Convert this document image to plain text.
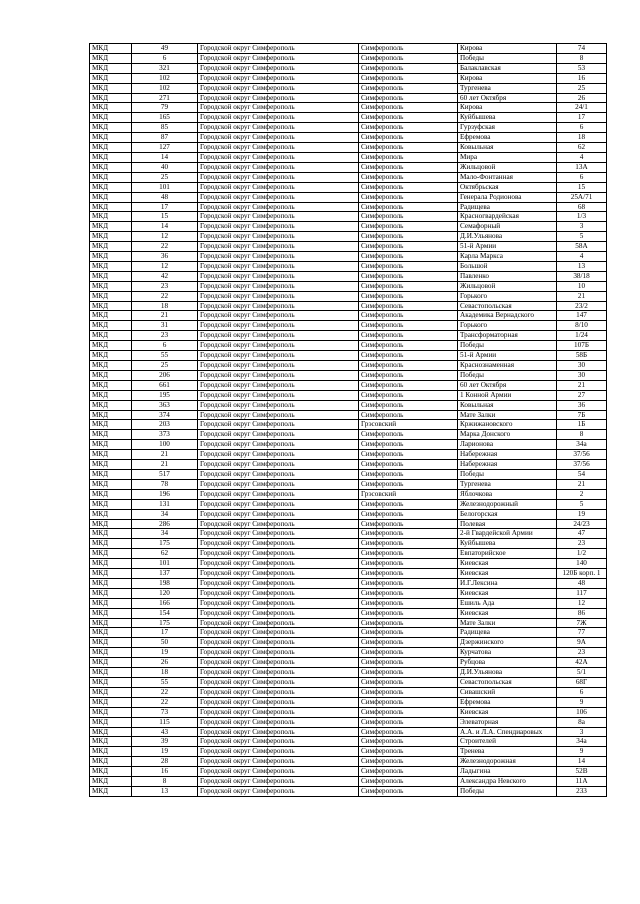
МКД	49	Городской округ Симферополь	Симферополь	Кирова	74
МКД	6	Городской округ Симферополь	Симферополь	Победы	8
МКД	321	Городской округ Симферополь	Симферополь	Балаклавская	53
МКД	102	Городской округ Симферополь	Симферополь	Кирова	16
МКД	102	Городской округ Симферополь	Симферополь	Тургенева	25
МКД	271	Городской округ Симферополь	Симферополь	60 лет Октября	26
МКД	79	Городской округ Симферополь	Симферополь	Кирова	24/1
МКД	165	Городской округ Симферополь	Симферополь	Куйбышева	17
МКД	85	Городской округ Симферополь	Симферополь	Гурзуфская	6
МКД	87	Городской округ Симферополь	Симферополь	Ефремова	18
МКД	127	Городской округ Симферополь	Симферополь	Ковыльная	62
МКД	14	Городской округ Симферополь	Симферополь	Мира	4
МКД	40	Городской округ Симферополь	Симферополь	Жильцовой	13А
МКД	25	Городской округ Симферополь	Симферополь	Мало-Фонтанная	6
МКД	101	Городской округ Симферополь	Симферополь	Октябрьская	15
МКД	48	Городской округ Симферополь	Симферополь	Генерала Родионова	25А/71
МКД	17	Городской округ Симферополь	Симферополь	Радищева	68
МКД	15	Городской округ Симферополь	Симферополь	Красногвардейская	1/3
МКД	14	Городской округ Симферополь	Симферополь	Семафорный	3
МКД	12	Городской округ Симферополь	Симферополь	Д.И.Ульянова	5
МКД	22	Городской округ Симферополь	Симферополь	51-й Армии	58А
МКД	36	Городской округ Симферополь	Симферополь	Карла Маркса	4
МКД	12	Городской округ Симферополь	Симферополь	Большой	13
МКД	42	Городской округ Симферополь	Симферополь	Павленко	38/18
МКД	23	Городской округ Симферополь	Симферополь	Жильцовой	10
МКД	22	Городской округ Симферополь	Симферополь	Горького	21
МКД	18	Городской округ Симферополь	Симферополь	Севастопольская	23/2
МКД	21	Городской округ Симферополь	Симферополь	Академика Вернадского	147
МКД	31	Городской округ Симферополь	Симферополь	Горького	8/10
МКД	23	Городской округ Симферополь	Симферополь	Трансформаторная	1/24
МКД	6	Городской округ Симферополь	Симферополь	Победы	107Б
МКД	55	Городской округ Симферополь	Симферополь	51-й Армии	58Б
МКД	25	Городской округ Симферополь	Симферополь	Краснознаменная	30
МКД	206	Городской округ Симферополь	Симферополь	Победы	30
МКД	661	Городской округ Симферополь	Симферополь	60 лет Октября	21
МКД	195	Городской округ Симферополь	Симферополь	1 Конной Армии	27
МКД	363	Городской округ Симферополь	Симферополь	Ковыльная	36
МКД	374	Городской округ Симферополь	Симферополь	Мате Залки	7Б
МКД	203	Городской округ Симферополь	Грэсовский	Кржижановского	1Б
МКД	373	Городской округ Симферополь	Симферополь	Марка Донского	8
МКД	100	Городской округ Симферополь	Симферополь	Ларионова	34а
МКД	21	Городской округ Симферополь	Симферополь	Набережная	37/56
МКД	21	Городской округ Симферополь	Симферополь	Набережная	37/56
МКД	517	Городской округ Симферополь	Симферополь	Победы	54
МКД	78	Городской округ Симферополь	Симферополь	Тургенева	21
МКД	196	Городской округ Симферополь	Грэсовский	Яблочкова	2
МКД	131	Городской округ Симферополь	Симферополь	Железнодорожный	5
МКД	34	Городской округ Симферополь	Симферополь	Белогорская	19
МКД	286	Городской округ Симферополь	Симферополь	Полевая	24/23
МКД	34	Городской округ Симферополь	Симферополь	2-й Гвардейской Армии	47
МКД	175	Городской округ Симферополь	Симферополь	Куйбышева	23
МКД	62	Городской округ Симферополь	Симферополь	Евпаторийское	1/2
МКД	101	Городской округ Симферополь	Симферополь	Киевская	140
МКД	137	Городской округ Симферополь	Симферополь	Киевская	120Б корп. 1
МКД	198	Городской округ Симферополь	Симферополь	И.Г.Лексина	48
МКД	120	Городской округ Симферополь	Симферополь	Киевская	117
МКД	166	Городской округ Симферополь	Симферополь	Ешиль Ада	12
МКД	154	Городской округ Симферополь	Симферополь	Киевская	86
МКД	175	Городской округ Симферополь	Симферополь	Мате Залки	7Ж
МКД	17	Городской округ Симферополь	Симферополь	Радищева	77
МКД	50	Городской округ Симферополь	Симферополь	Дзержинского	9А
МКД	19	Городской округ Симферополь	Симферополь	Курчатова	23
МКД	26	Городской округ Симферополь	Симферополь	Рубцова	42А
МКД	18	Городской округ Симферополь	Симферополь	Д.И.Ульянова	5/1
МКД	55	Городской округ Симферополь	Симферополь	Севастопольская	68Г
МКД	22	Городской округ Симферополь	Симферополь	Сивашский	6
МКД	22	Городской округ Симферополь	Симферополь	Ефремова	9
МКД	73	Городской округ Симферополь	Симферополь	Киевская	106
МКД	115	Городской округ Симферополь	Симферополь	Элеваторная	8а
МКД	43	Городской округ Симферополь	Симферополь	А.А. и Л.А. Спендиаровых	3
МКД	39	Городской округ Симферополь	Симферополь	Строителей	34а
МКД	19	Городской округ Симферополь	Симферополь	Тренева	9
МКД	28	Городской округ Симферополь	Симферополь	Железнодорожная	14
МКД	16	Городской округ Симферополь	Симферополь	Ладыгина	52В
МКД	8	Городской округ Симферополь	Симферополь	Александра Невского	11А
МКД	13	Городской округ Симферополь	Симферополь	Победы	233
